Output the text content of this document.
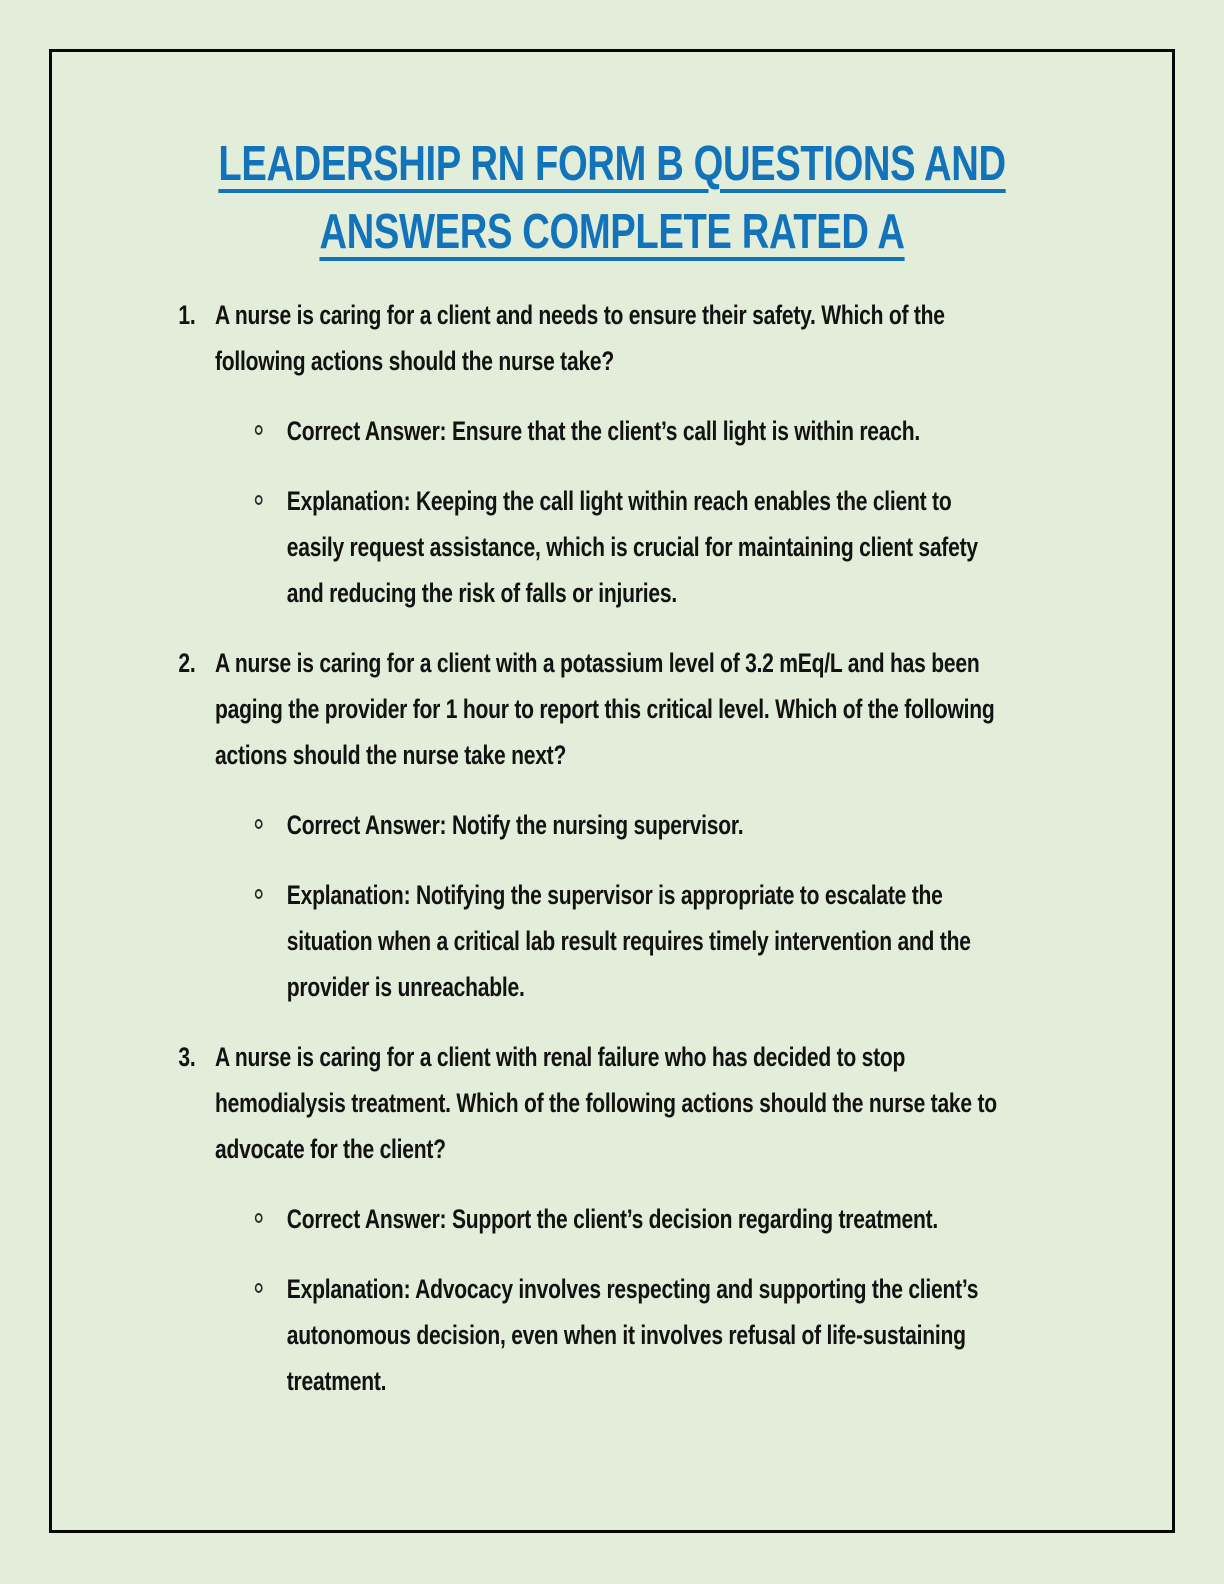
LEADERSHIP RN FORM B QUESTIONS AND ANSWERS COMPLETE RATED A
1. A nurse is caring for a client and needs to ensure their safety. Which of the following actions should the nurse take?

Correct Answer: Ensure that the client’s call light is within reach.
Explanation: Keeping the call light within reach enables the client to easily request assistance, which is crucial for maintaining client safety and reducing the risk of falls or injuries.
2. A nurse is caring for a client with a potassium level of 3.2 mEq/L and has been paging the provider for 1 hour to report this critical level. Which of the following actions should the nurse take next?

Correct Answer: Notify the nursing supervisor.
Explanation: Notifying the supervisor is appropriate to escalate the situation when a critical lab result requires timely intervention and the provider is unreachable.
3. A nurse is caring for a client with renal failure who has decided to stop hemodialysis treatment. Which of the following actions should the nurse take to advocate for the client?

Correct Answer: Support the client’s decision regarding treatment.
Explanation: Advocacy involves respecting and supporting the client’s autonomous decision, even when it involves refusal of life-sustaining treatment.
